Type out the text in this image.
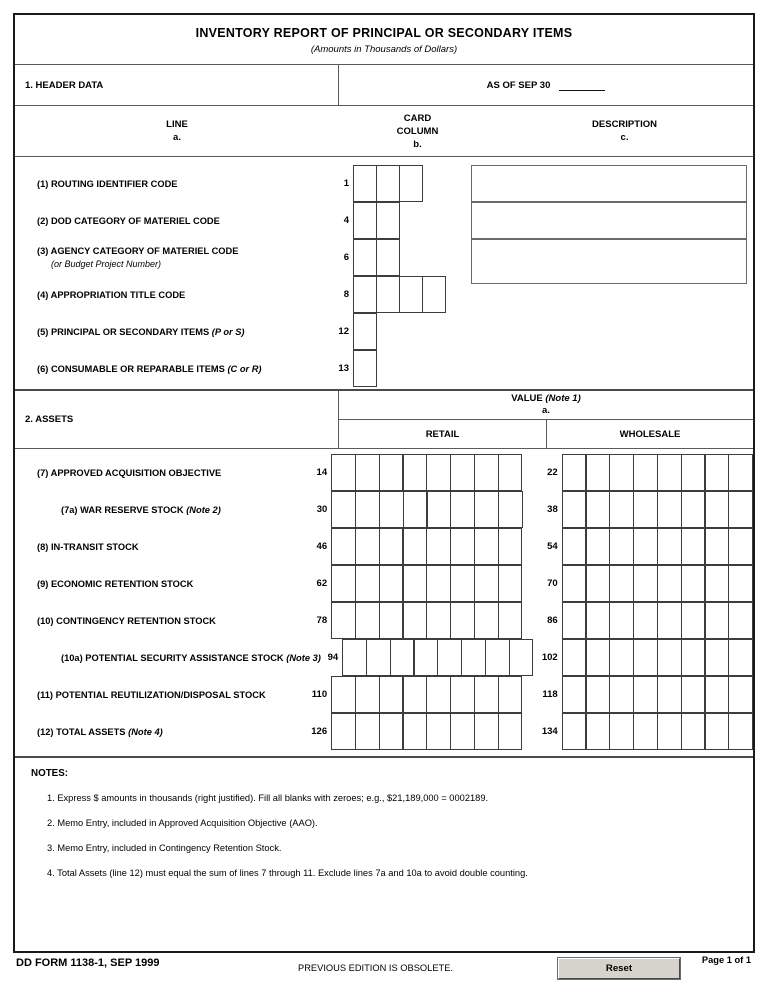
INVENTORY REPORT OF PRINCIPAL OR SECONDARY ITEMS
(Amounts in Thousands of Dollars)
1. HEADER DATA	AS OF SEP 30
LINE
a.
CARD
COLUMN
b.
DESCRIPTION
c.
(1) ROUTING IDENTIFIER CODE	1
(2) DOD CATEGORY OF MATERIEL CODE	4
(3) AGENCY CATEGORY OF MATERIEL CODE
(or Budget Project Number)
6
(4) APPROPRIATION TITLE CODE	8
(5) PRINCIPAL OR SECONDARY ITEMS (P or S)	12
(6) CONSUMABLE OR REPARABLE ITEMS (C or R)	13
2. ASSETS
VALUE (Note 1)
a.
RETAIL	WHOLESALE
(7) APPROVED ACQUISITION OBJECTIVE	14	22
(7a) WAR RESERVE STOCK (Note 2)	30	38
(8) IN-TRANSIT STOCK	46	54
(9) ECONOMIC RETENTION STOCK	62	70
(10) CONTINGENCY RETENTION STOCK	78	86
(10a) POTENTIAL SECURITY ASSISTANCE STOCK (Note 3) 94	102
(11) POTENTIAL REUTILIZATION/DISPOSAL STOCK	110	118
(12) TOTAL ASSETS (Note 4)	126	134
NOTES:
1. Express $ amounts in thousands (right justified). Fill all blanks with zeroes; e.g., $21,189,000 = 0002189.
2. Memo Entry, included in Approved Acquisition Objective (AAO).
3. Memo Entry, included in Contingency Retention Stock.
4. Total Assets (line 12) must equal the sum of lines 7 through 11. Exclude lines 7a and 10a to avoid double counting.
DD FORM 1138-1, SEP 1999	PREVIOUS EDITION IS OBSOLETE.	Reset
Page 1 of 1
